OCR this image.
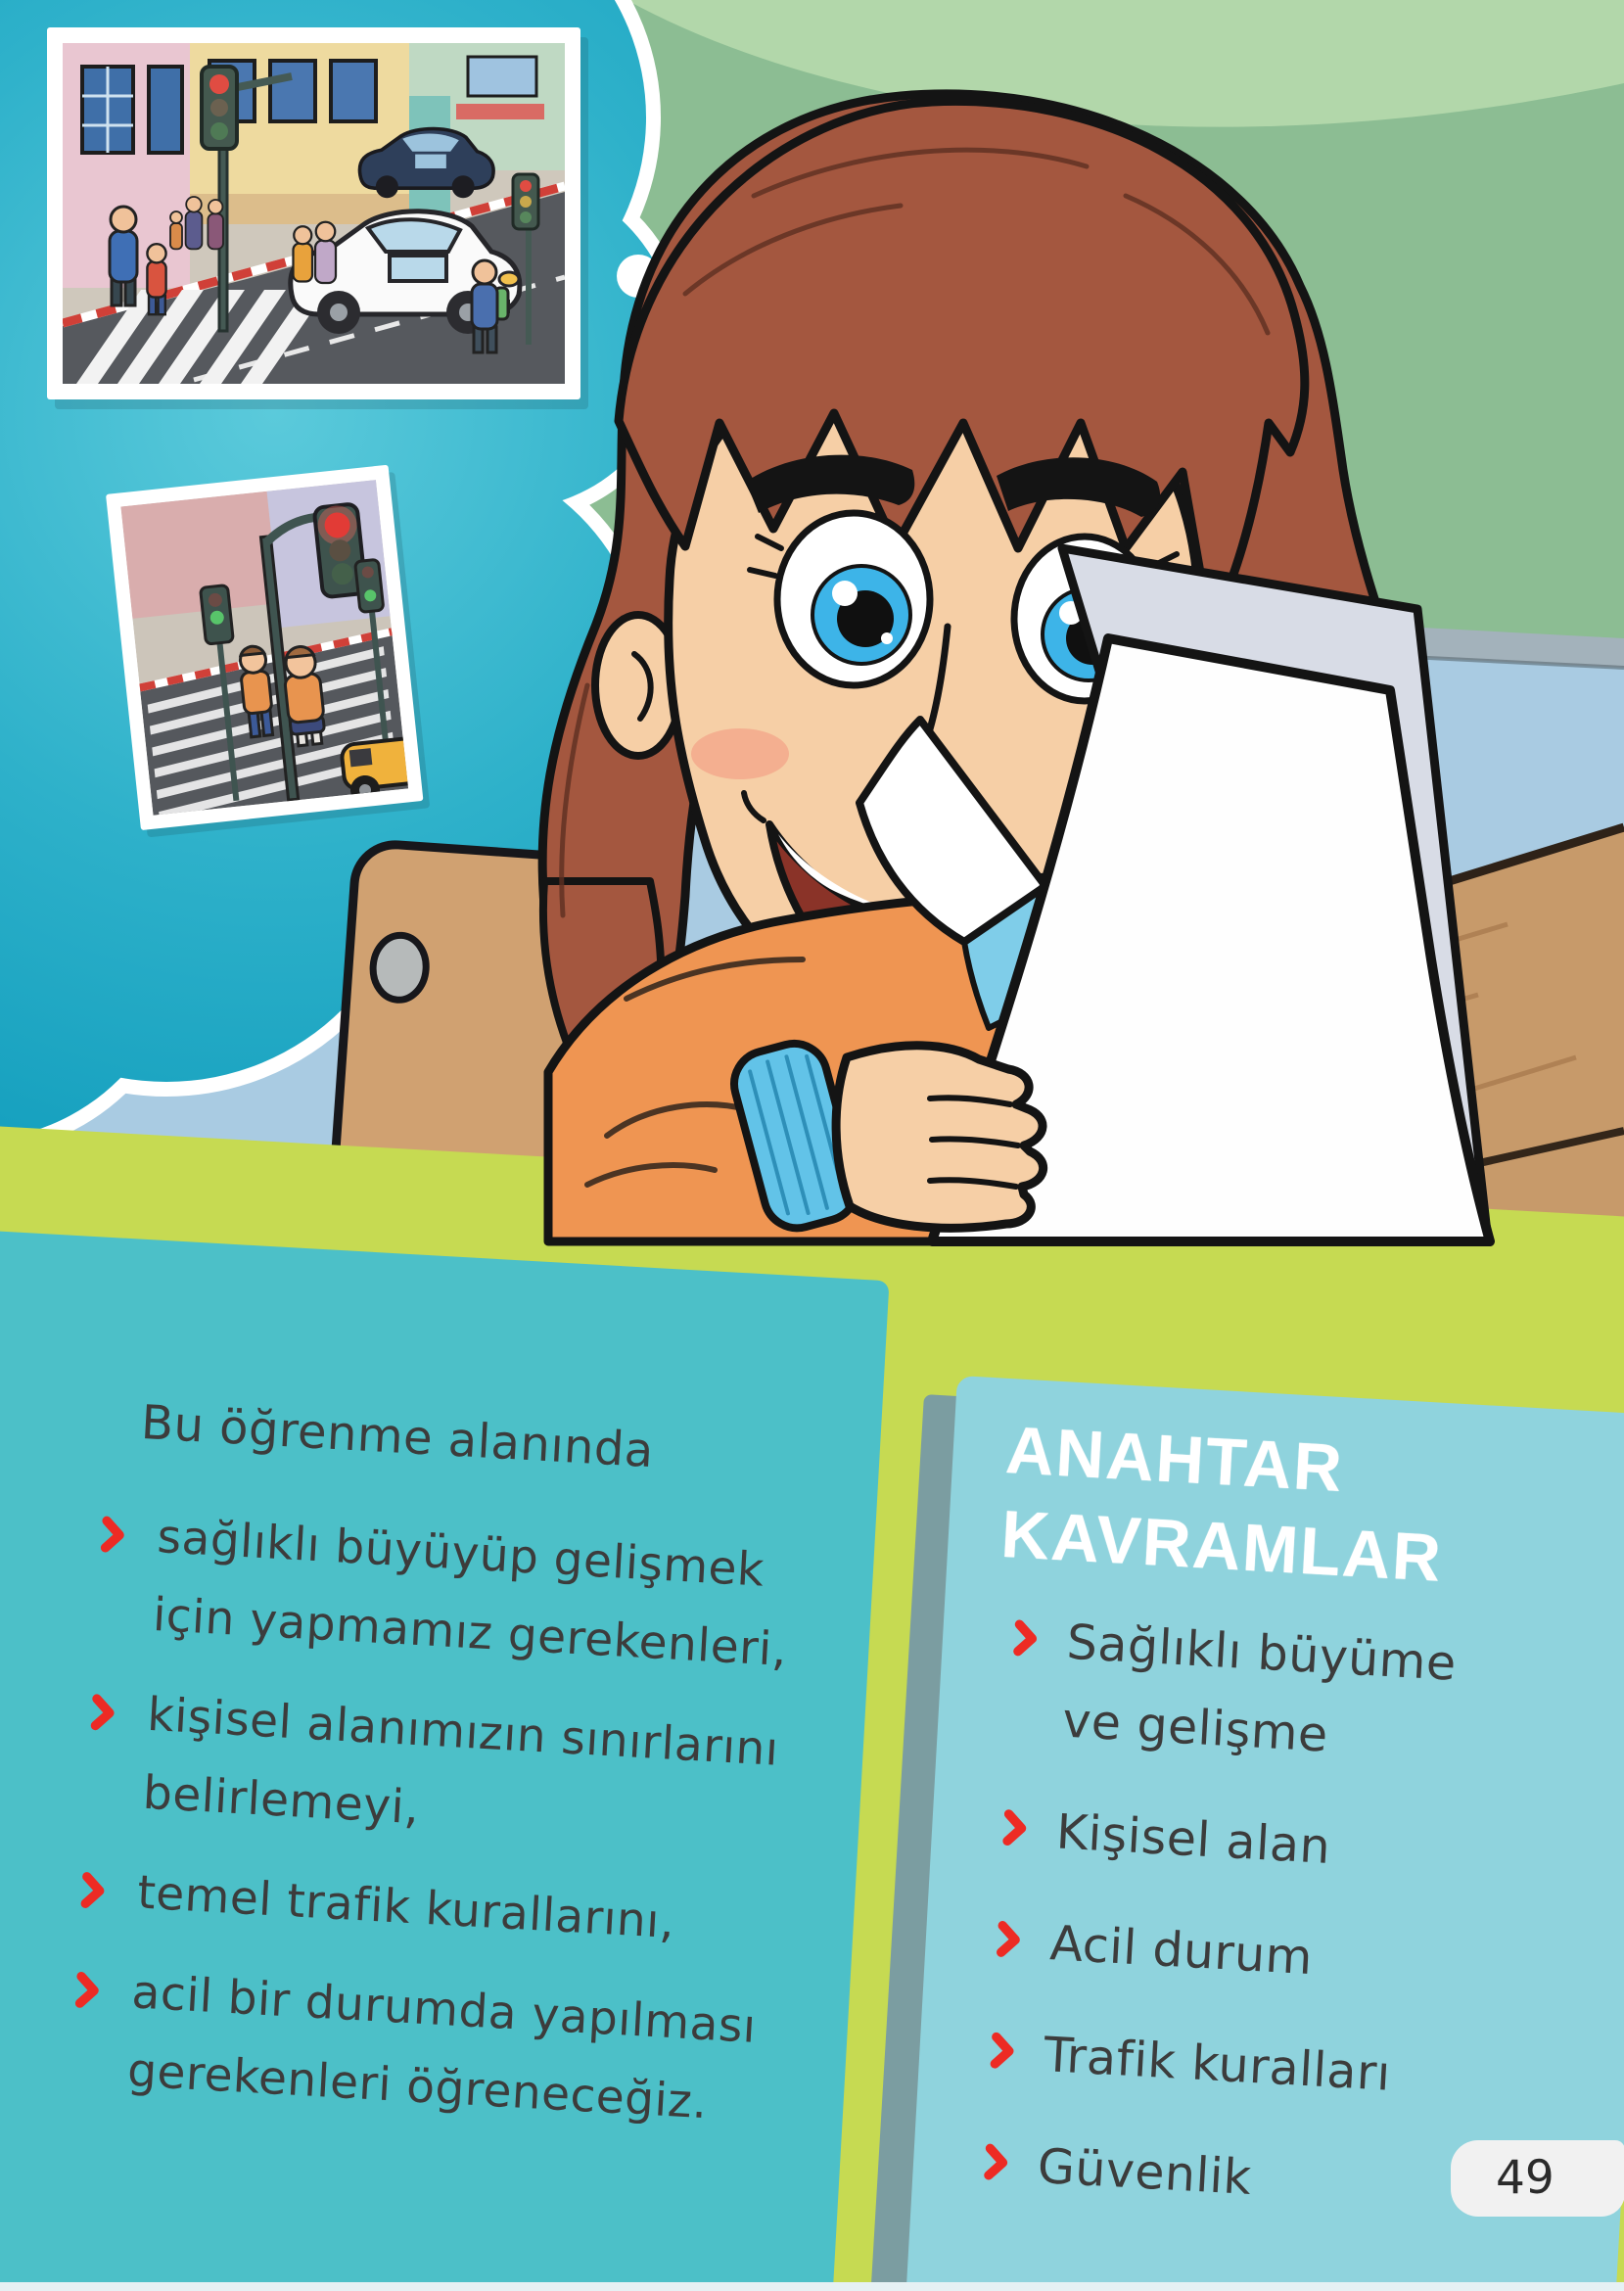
Bu öğrenme alanında
sağlıklı büyüyüp gelişmek
için yapmamız gerekenleri,
kişisel alanımızın sınırlarını
belirlemeyi,
temel trafik kurallarını,
acil bir durumda yapılması
gerekenleri öğreneceğiz.
ANAHTAR
KAVRAMLAR
Sağlıklı büyüme
ve gelişme
Kişisel alan
Acil durum
Trafik kuralları
Güvenlik	49
